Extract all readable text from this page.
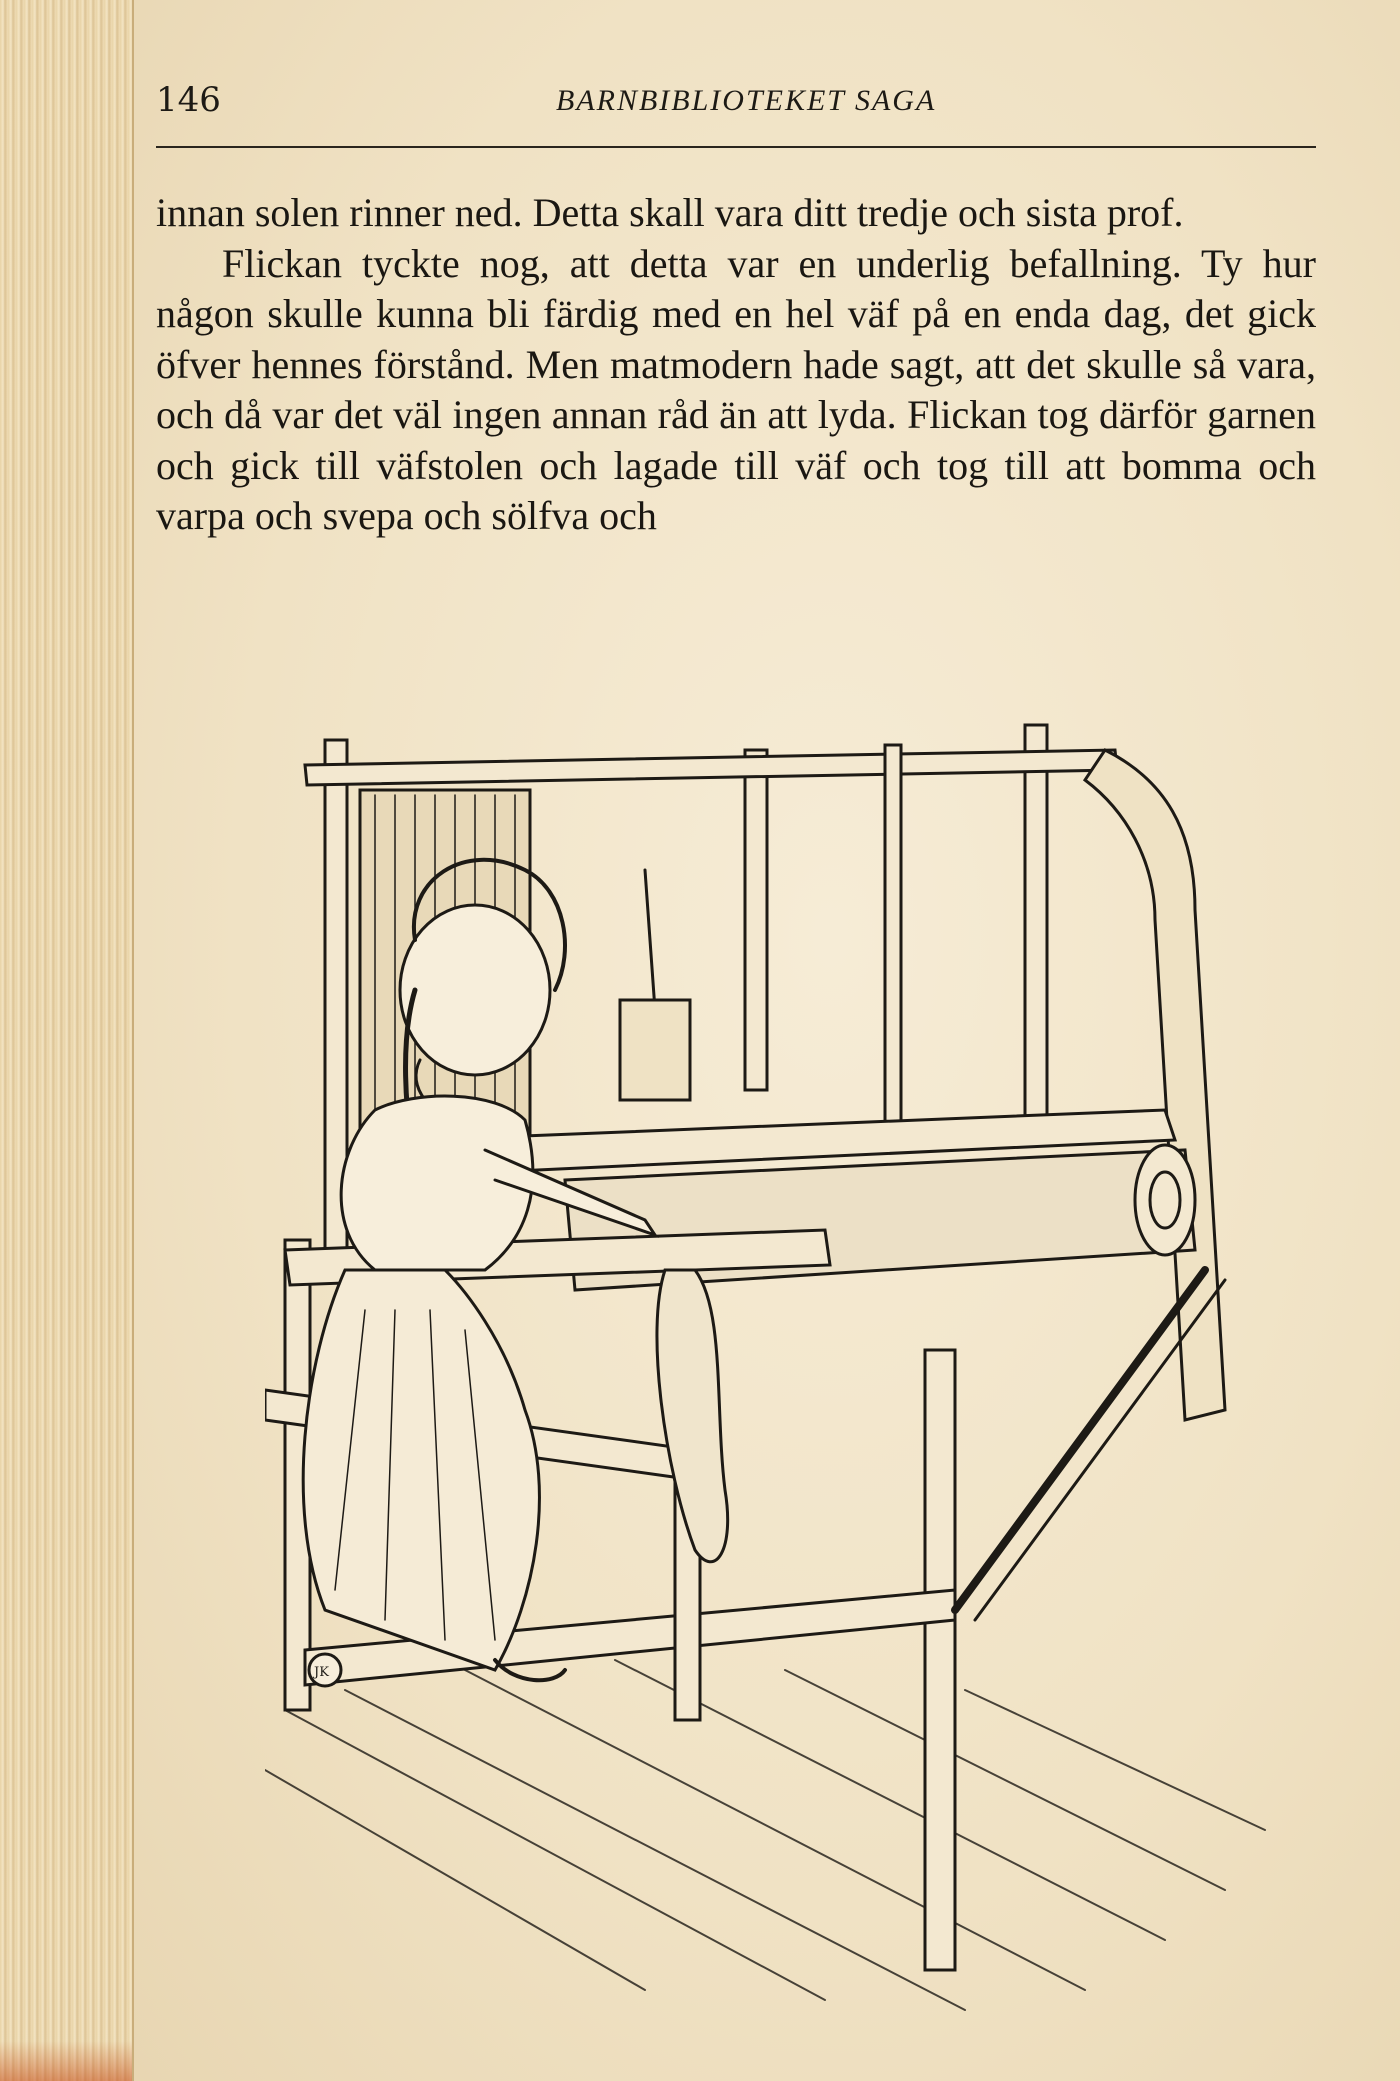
146	BARNBIBLIOTEKET SAGA

innan solen rinner ned. Detta skall vara ditt tredje och sista prof.

Flickan tyckte nog, att detta var en underlig befallning. Ty hur någon skulle kunna bli färdig med en hel väf på en enda dag, det gick öfver hennes förstånd. Men matmodern hade sagt, att det skulle så vara, och då var det väl ingen annan råd än att lyda. Flickan tog därför garnen och gick till väfstolen och lagade till väf och tog till att bomma och varpa och svepa och sölfva och

JK
